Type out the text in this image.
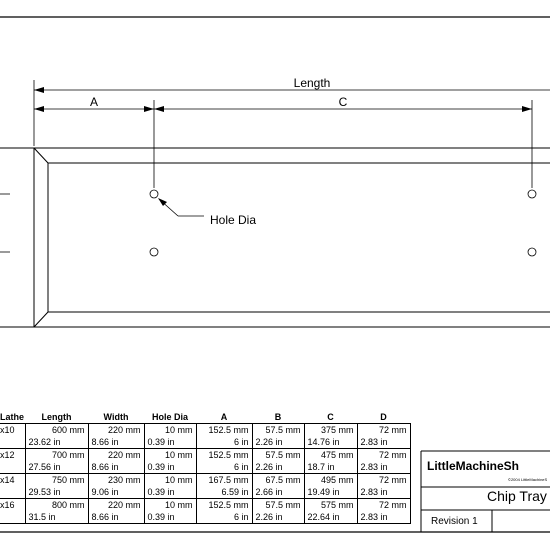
Length
A	C
Hole Dia
Lathe	Length	Width	Hole Dia	A	B	C	D
x10	600 mm	220 mm	10 mm	152.5 mm	57.5 mm	375 mm	72 mm
	23.62 in	8.66 in	0.39 in	6 in	2.26 in	14.76 in	2.83 in
x12	700 mm	220 mm	10 mm	152.5 mm	57.5 mm	475 mm	72 mm
	27.56 in	8.66 in	0.39 in	6 in	2.26 in	18.7 in	2.83 in
x14	750 mm	230 mm	10 mm	167.5 mm	67.5 mm	495 mm	72 mm
	29.53 in	9.06 in	0.39 in	6.59 in	2.66 in	19.49 in	2.83 in
x16	800 mm	220 mm	10 mm	152.5 mm	57.5 mm	575 mm	72 mm
	31.5 in	8.66 in	0.39 in	6 in	2.26 in	22.64 in	2.83 in
LittleMachineSh
©2004 LittleMachineS
Chip Tray
Revision 1
